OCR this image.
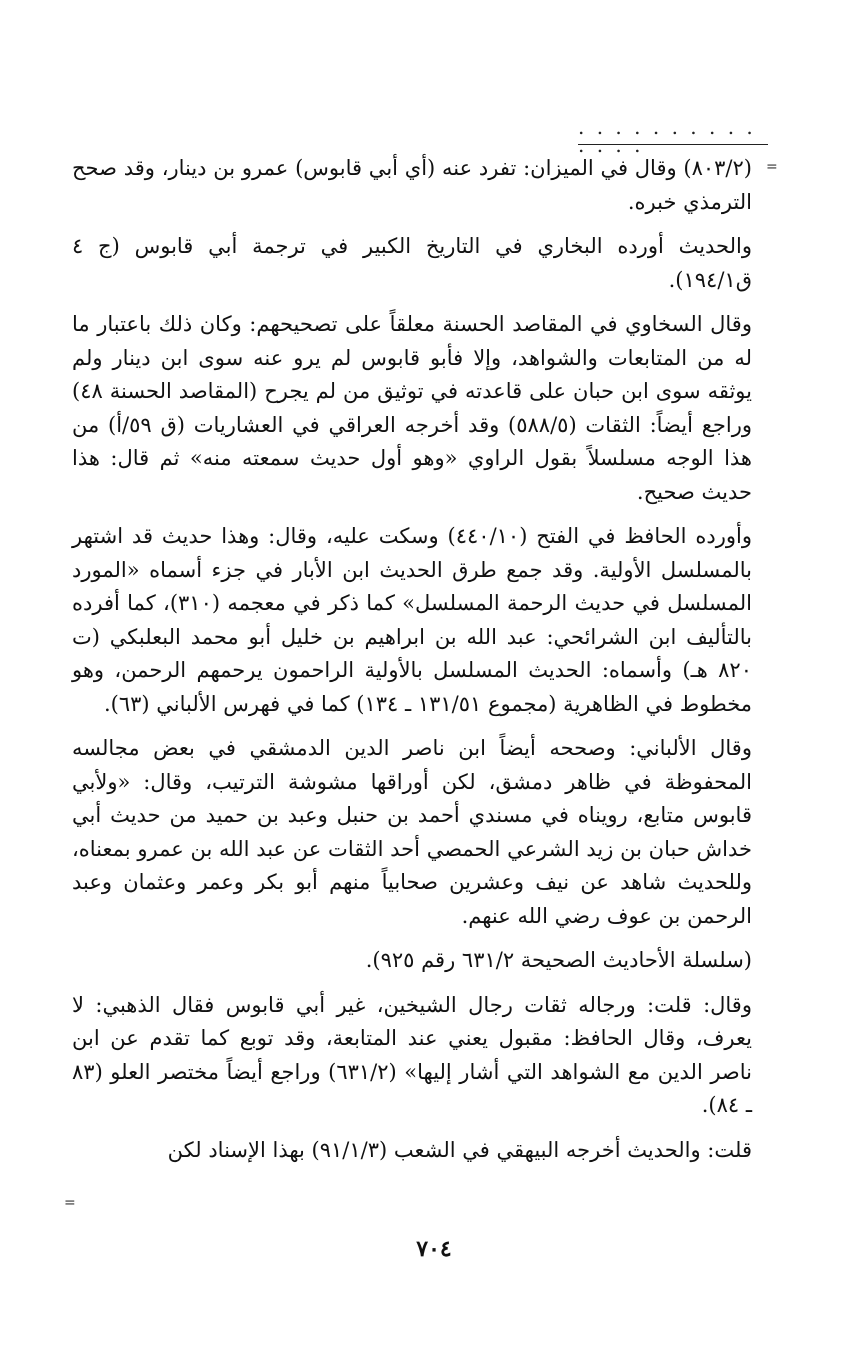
. . . . . . . . . . . . . .
=

(٨٠٣/٢) وقال في الميزان: تفرد عنه (أي أبي قابوس) عمرو بن دينار، وقد صحح الترمذي خبره.

والحديث أورده البخاري في التاريخ الكبير في ترجمة أبي قابوس (ج ٤ ق١٩٤/١).

وقال السخاوي في المقاصد الحسنة معلقاً على تصحيحهم: وكان ذلك باعتبار ما له من المتابعات والشواهد، وإلا فأبو قابوس لم يرو عنه سوى ابن دينار ولم يوثقه سوى ابن حبان على قاعدته في توثيق من لم يجرح (المقاصد الحسنة ٤٨) وراجع أيضاً: الثقات (٥٨٨/٥) وقد أخرجه العراقي في العشاريات (ق ٥٩/أ) من هذا الوجه مسلسلاً بقول الراوي «وهو أول حديث سمعته منه» ثم قال: هذا حديث صحيح.

وأورده الحافظ في الفتح (٤٤٠/١٠) وسكت عليه، وقال: وهذا حديث قد اشتهر بالمسلسل الأولية. وقد جمع طرق الحديث ابن الأبار في جزء أسماه «المورد المسلسل في حديث الرحمة المسلسل» كما ذكر في معجمه (٣١٠)، كما أفرده بالتأليف ابن الشرائحي: عبد الله بن ابراهيم بن خليل أبو محمد البعلبكي (ت ٨٢٠ هـ) وأسماه: الحديث المسلسل بالأولية الراحمون يرحمهم الرحمن، وهو مخطوط في الظاهرية (مجموع ١٣١/٥١ ـ ١٣٤) كما في فهرس الألباني (٦٣).

وقال الألباني: وصححه أيضاً ابن ناصر الدين الدمشقي في بعض مجالسه المحفوظة في ظاهر دمشق، لكن أوراقها مشوشة الترتيب، وقال: «ولأبي قابوس متابع، رويناه في مسندي أحمد بن حنبل وعبد بن حميد من حديث أبي خداش حبان بن زيد الشرعي الحمصي أحد الثقات عن عبد الله بن عمرو بمعناه، وللحديث شاهد عن نيف وعشرين صحابياً منهم أبو بكر وعمر وعثمان وعبد الرحمن بن عوف رضي الله عنهم.

(سلسلة الأحاديث الصحيحة ٦٣١/٢ رقم ٩٢٥).

وقال: قلت: ورجاله ثقات رجال الشيخين، غير أبي قابوس فقال الذهبي: لا يعرف، وقال الحافظ: مقبول يعني عند المتابعة، وقد توبع كما تقدم عن ابن ناصر الدين مع الشواهد التي أشار إليها» (٦٣١/٢) وراجع أيضاً مختصر العلو (٨٣ ـ ٨٤).

قلت: والحديث أخرجه البيهقي في الشعب (٩١/١/٣) بهذا الإسناد لكن

=
٧٠٤
